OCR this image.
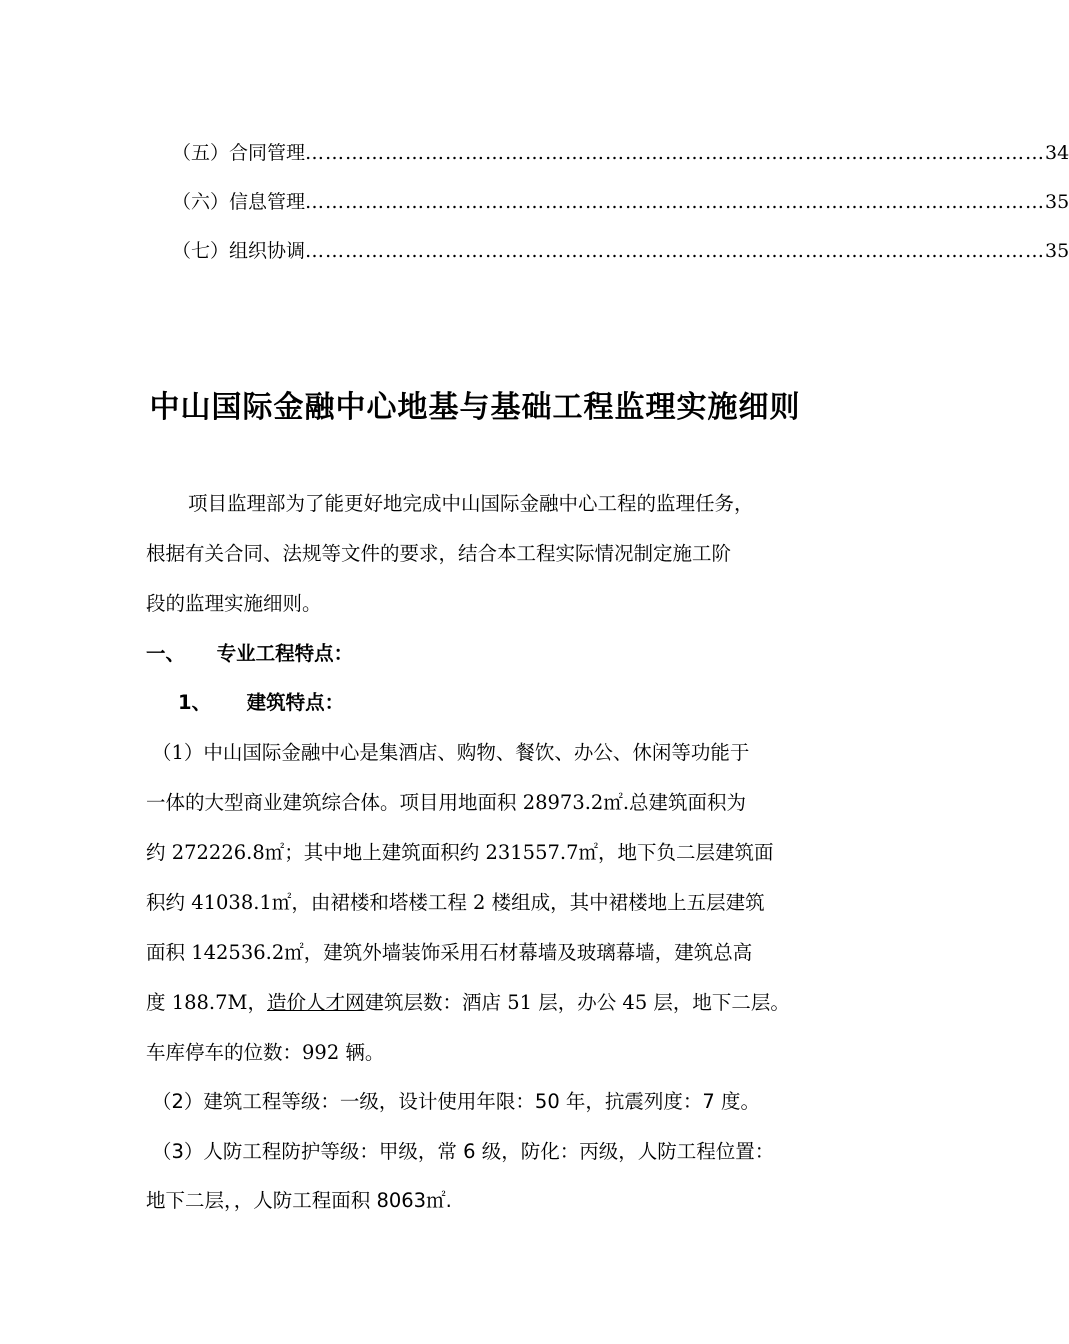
（五）合同管理 ………………………………………………………………………………………………… 34
（六）信息管理 ………………………………………………………………………………………………… 35
（七）组织协调 ………………………………………………………………………………………………… 35
中山国际金融中心地基与基础工程监理实施细则
项目监理部为了能更好地完成中山国际金融中心工程的监理任务，
根据有关合同、法规等文件的要求，结合本工程实际情况制定施工阶
段的监理实施细则。
一、 专业工程特点：
1、 建筑特点：
（1）中山国际金融中心是集酒店、购物、餐饮、办公、休闲等功能于
一体的大型商业建筑综合体。项目用地面积 28973.2㎡.总建筑面积为
约 272226.8㎡；其中地上建筑面积约 231557.7㎡，地下负二层建筑面
积约 41038.1㎡，由裙楼和塔楼工程 2 楼组成，其中裙楼地上五层建筑
面积 142536.2㎡，建筑外墙装饰采用石材幕墙及玻璃幕墙，建筑总高
度 188.7M，造价人才网建筑层数：酒店 51 层，办公 45 层，地下二层。
车库停车的位数：992 辆。
（2）建筑工程等级：一级，设计使用年限：50 年，抗震列度：7 度。
（3）人防工程防护等级：甲级，常 6 级，防化：丙级，人防工程位置：
地下二层，，人防工程面积 8063㎡.
